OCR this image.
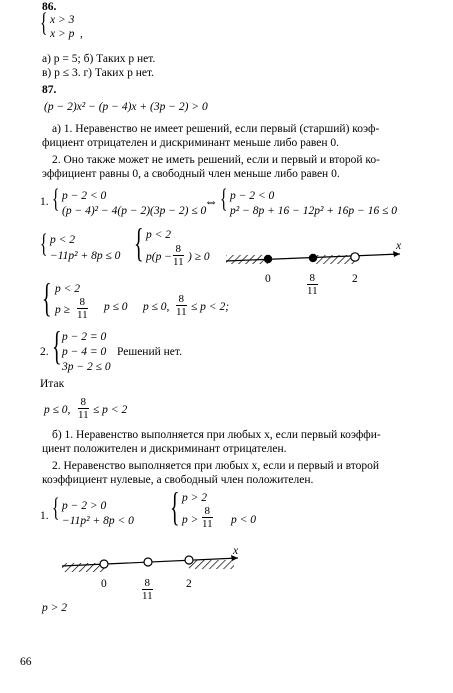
86.
{ x > 3
x > p ,
а) p = 5; б) Таких p нет.
в) p ≤ 3. г) Таких p нет.
87.
(p − 2)x² − (p − 4)x + (3p − 2) > 0
а) 1. Неравенство не имеет решений, если первый (старший) коэф-
фициент отрицателен и дискриминант меньше либо равен 0.
2. Оно также может не иметь решений, если и первый и второй ко-
эффициент равны 0, а свободный член меньше либо равен 0.
1. { p − 2 < 0
(p − 4)² − 4(p − 2)(3p − 2) ≤ 0
⇔ { p − 2 < 0
p² − 8p + 16 − 12p² + 16p − 16 ≤ 0
{ p < 2
−11p² + 8p ≤ 0 { p < 2
$p(p - \frac{8}{11}$ ) ≥ 0
x
0	$\frac{8}{11}$	2
{ p < 2
$p \ge \frac{8}{11}$ p ≤ 0 p ≤ 0, $\frac{8}{11} \le p < 2$;
2. { p − 2 = 0
p − 4 = 0
3p − 2 ≤ 0
Решений нет.
Итак
p ≤ 0, $\frac{8}{11} \le p < 2$
б) 1. Неравенство выполняется при любых x, если первый коэффи-
циент положителен и дискриминант отрицателен.
2. Неравенство выполняется при любых x, если и первый и второй
коэффициент нулевые, а свободный член положителен.
1. { p − 2 > 0
−11p² + 8p < 0 { p > 2
$p > \frac{8}{11}$ p < 0
x
0	$\frac{8}{11}$	2
p > 2
66
